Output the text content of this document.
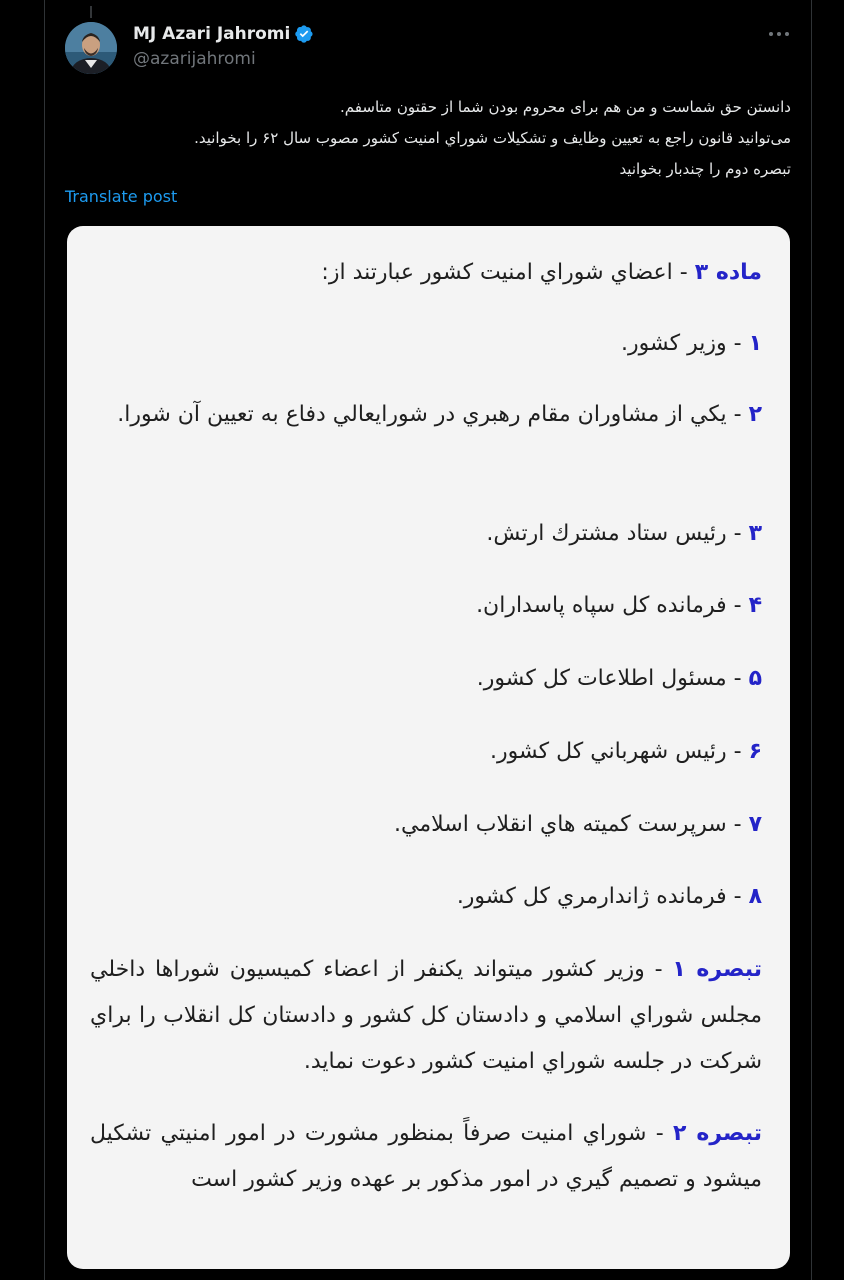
MJ Azari Jahromi
@azarijahromi
دانستن حق شماست و من هم برای محروم بودن شما از حقتون متاسفم.
می‌توانید قانون راجع به تعیین وظایف و تشکیلات شوراي امنیت کشور مصوب سال ۶۲ را بخوانید.
تبصره دوم را چندبار بخوانید
Translate post

ماده ۳ - اعضاي شوراي امنیت کشور عبارتند از:

۱ - وزیر کشور.

۲ - یکي از مشاوران مقام رهبري در شورایعالي دفاع به تعیین آن شورا.

۳ - رئیس ستاد مشترك ارتش.

۴ - فرمانده کل سپاه پاسداران.

۵ - مسئول اطلاعات کل کشور.

۶ - رئیس شهرباني کل کشور.

۷ - سرپرست کمیته هاي انقلاب اسلامي.

۸ - فرمانده ژاندارمري کل کشور.

تبصره ۱ - وزیر کشور میتواند یکنفر از اعضاء کمیسیون شوراها داخلي مجلس شوراي اسلامي و دادستان کل کشور و دادستان کل انقلاب را براي شرکت در جلسه شوراي امنیت کشور دعوت نماید.

تبصره ۲ - شوراي امنیت صرفاً بمنظور مشورت در امور امنیتي تشکیل میشود و تصمیم گیري در امور مذکور بر عهده وزیر کشور است
